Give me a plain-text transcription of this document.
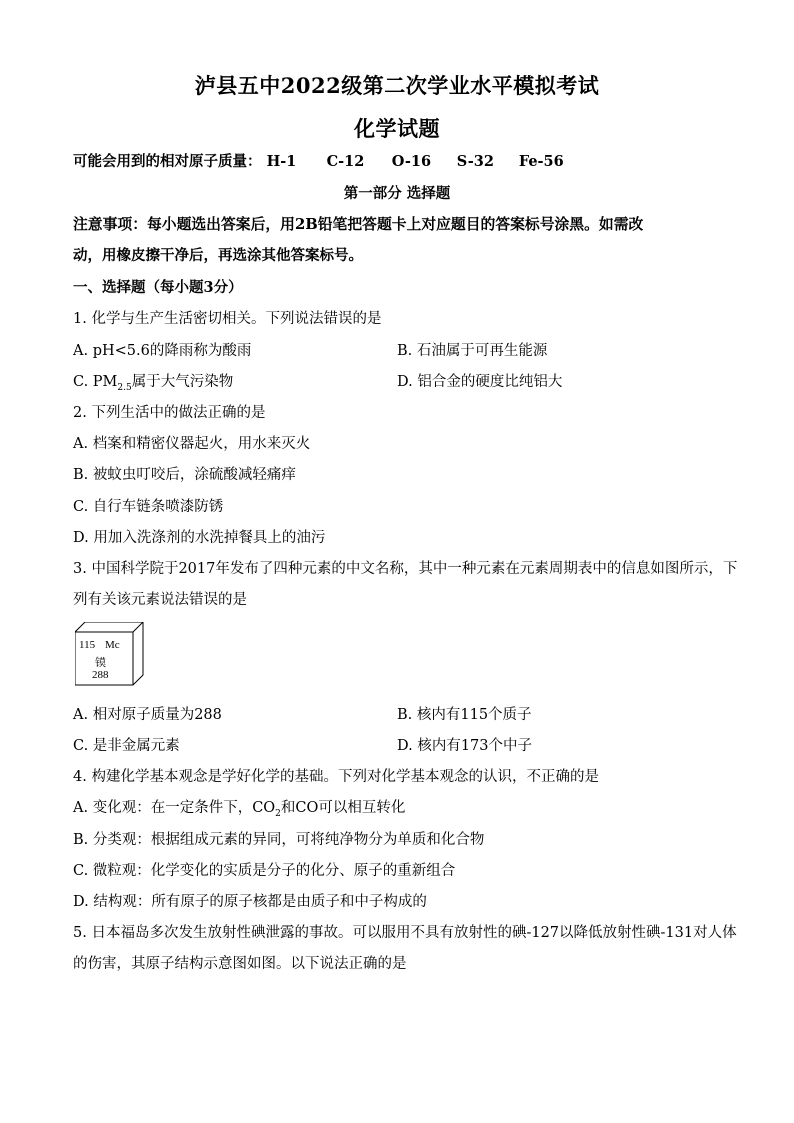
泸县五中2022级第二次学业水平模拟考试
化学试题
可能会用到的相对原子质量： H-1 C-12 O-16 S-32 Fe-56
第一部分 选择题
注意事项：每小题选出答案后，用2B铅笔把答题卡上对应题目的答案标号涂黑。如需改
动，用橡皮擦干净后，再选涂其他答案标号。
一、选择题（每小题3分）
1. 化学与生产生活密切相关。下列说法错误的是
A. pH<5.6的降雨称为酸雨	B. 石油属于可再生能源
C. $PM_{2.5}$属于大气污染物	D. 铝合金的硬度比纯铝大
2. 下列生活中的做法正确的是
A. 档案和精密仪器起火，用水来灭火
B. 被蚊虫叮咬后，涂硫酸减轻痛痒
C. 自行车链条喷漆防锈
D. 用加入洗涤剂的水洗掉餐具上的油污
3. 中国科学院于2017年发布了四种元素的中文名称，其中一种元素在元素周期表中的信息如图所示，下
列有关该元素说法错误的是
115 Mc
镆
288
A. 相对原子质量为288	B. 核内有115个质子
C. 是非金属元素	D. 核内有173个中子
4. 构建化学基本观念是学好化学的基础。下列对化学基本观念的认识，不正确的是
A. 变化观：在一定条件下，$CO_2$和CO可以相互转化
B. 分类观：根据组成元素的异同，可将纯净物分为单质和化合物
C. 微粒观：化学变化的实质是分子的化分、原子的重新组合
D. 结构观：所有原子的原子核都是由质子和中子构成的
5. 日本福岛多次发生放射性碘泄露的事故。可以服用不具有放射性的碘-127以降低放射性碘-131对人体
的伤害，其原子结构示意图如图。以下说法正确的是
